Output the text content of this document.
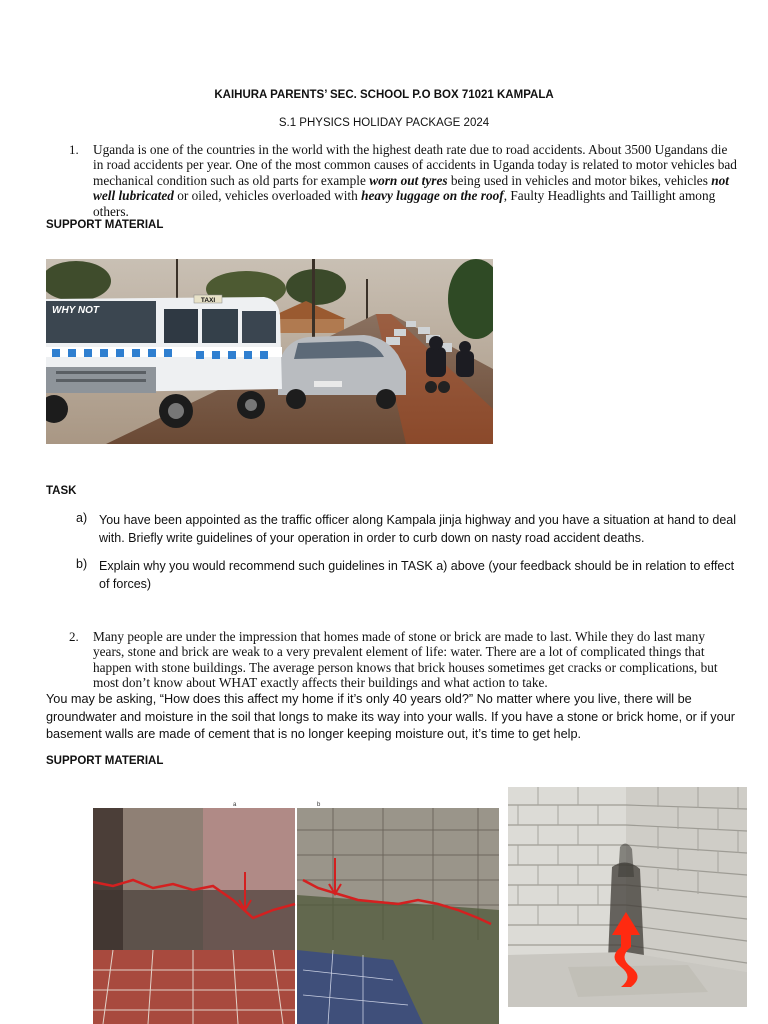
KAIHURA PARENTS’ SEC. SCHOOL P.O BOX 71021 KAMPALA
S.1 PHYSICS HOLIDAY PACKAGE 2024
1. Uganda is one of the countries in the world with the highest death rate due to road accidents. About 3500 Ugandans die in road accidents per year. One of the most common causes of accidents in Uganda today is related to motor vehicles bad mechanical condition such as old parts for example worn out tyres being used in vehicles and motor bikes, vehicles not well lubricated or oiled, vehicles overloaded with heavy luggage on the roof, Faulty Headlights and Taillight among others.
SUPPORT MATERIAL
TAXI
WHY NOT
TASK
a) You have been appointed as the traffic officer along Kampala jinja highway and you have a situation at hand to deal with. Briefly write guidelines of your operation in order to curb down on nasty road accident deaths.
b) Explain why you would recommend such guidelines in TASK a) above (your feedback should be in relation to effect of forces)
2. Many people are under the impression that homes made of stone or brick are made to last. While they do last many years, stone and brick are weak to a very prevalent element of life: water. There are a lot of complicated things that happen with stone buildings. The average person knows that brick houses sometimes get cracks or complications, but most don’t know about WHAT exactly affects their buildings and what action to take.
You may be asking, “How does this affect my home if it’s only 40 years old?” No matter where you live, there will be groundwater and moisture in the soil that longs to make its way into your walls. If you have a stone or brick home, or if your basement walls are made of cement that is no longer keeping moisture out, it’s time to get help.
SUPPORT MATERIAL
a	b
